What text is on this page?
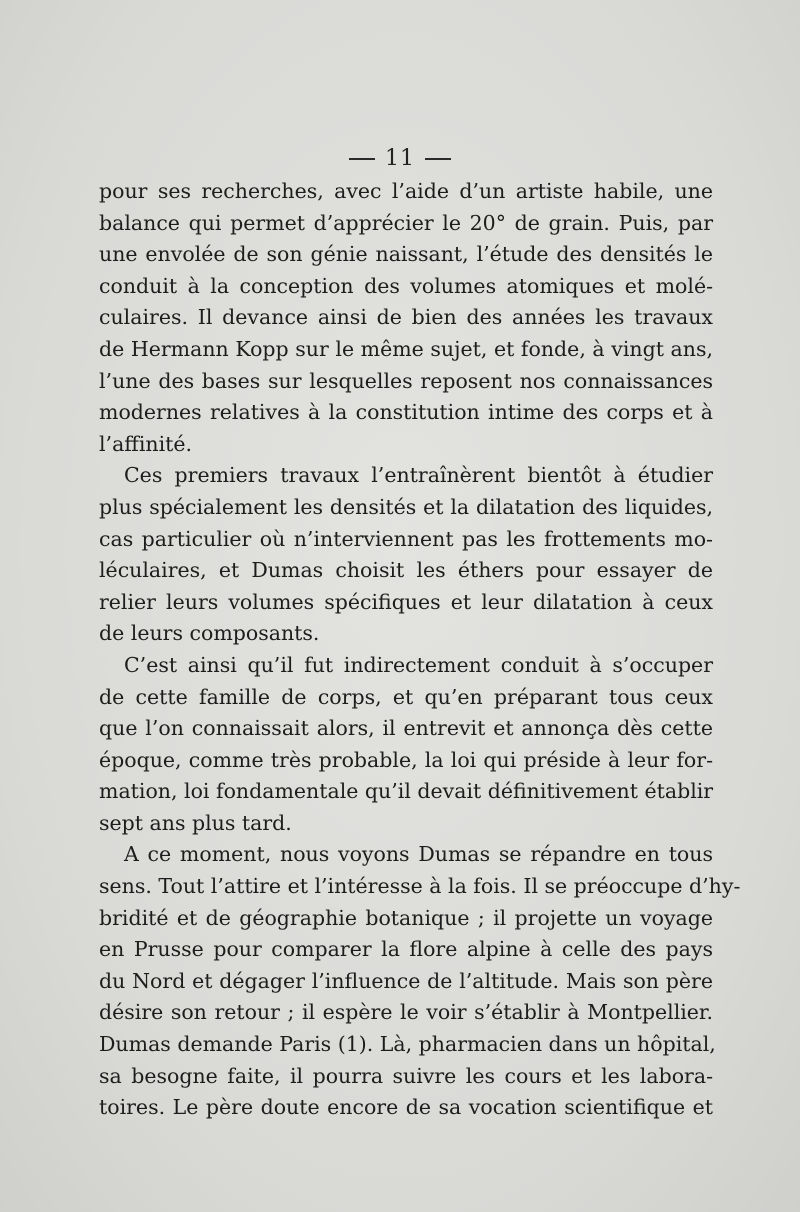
11
pour ses recherches, avec l’aide d’un artiste habile, une
balance qui permet d’apprécier le 20° de grain. Puis, par
une envolée de son génie naissant, l’étude des densités le
conduit à la conception des volumes atomiques et molé-
culaires. Il devance ainsi de bien des années les travaux
de Hermann Kopp sur le même sujet, et fonde, à vingt ans,
l’une des bases sur lesquelles reposent nos connaissances
modernes relatives à la constitution intime des corps et à
l’affinité.
Ces premiers travaux l’entraînèrent bientôt à étudier
plus spécialement les densités et la dilatation des liquides,
cas particulier où n’interviennent pas les frottements mo-
léculaires, et Dumas choisit les éthers pour essayer de
relier leurs volumes spécifiques et leur dilatation à ceux
de leurs composants.
C’est ainsi qu’il fut indirectement conduit à s’occuper
de cette famille de corps, et qu’en préparant tous ceux
que l’on connaissait alors, il entrevit et annonça dès cette
époque, comme très probable, la loi qui préside à leur for-
mation, loi fondamentale qu’il devait définitivement établir
sept ans plus tard.
A ce moment, nous voyons Dumas se répandre en tous
sens. Tout l’attire et l’intéresse à la fois. Il se préoccupe d’hy-
bridité et de géographie botanique ; il projette un voyage
en Prusse pour comparer la flore alpine à celle des pays
du Nord et dégager l’influence de l’altitude. Mais son père
désire son retour ; il espère le voir s’établir à Montpellier.
Dumas demande Paris (1). Là, pharmacien dans un hôpital,
sa besogne faite, il pourra suivre les cours et les labora-
toires. Le père doute encore de sa vocation scientifique et
